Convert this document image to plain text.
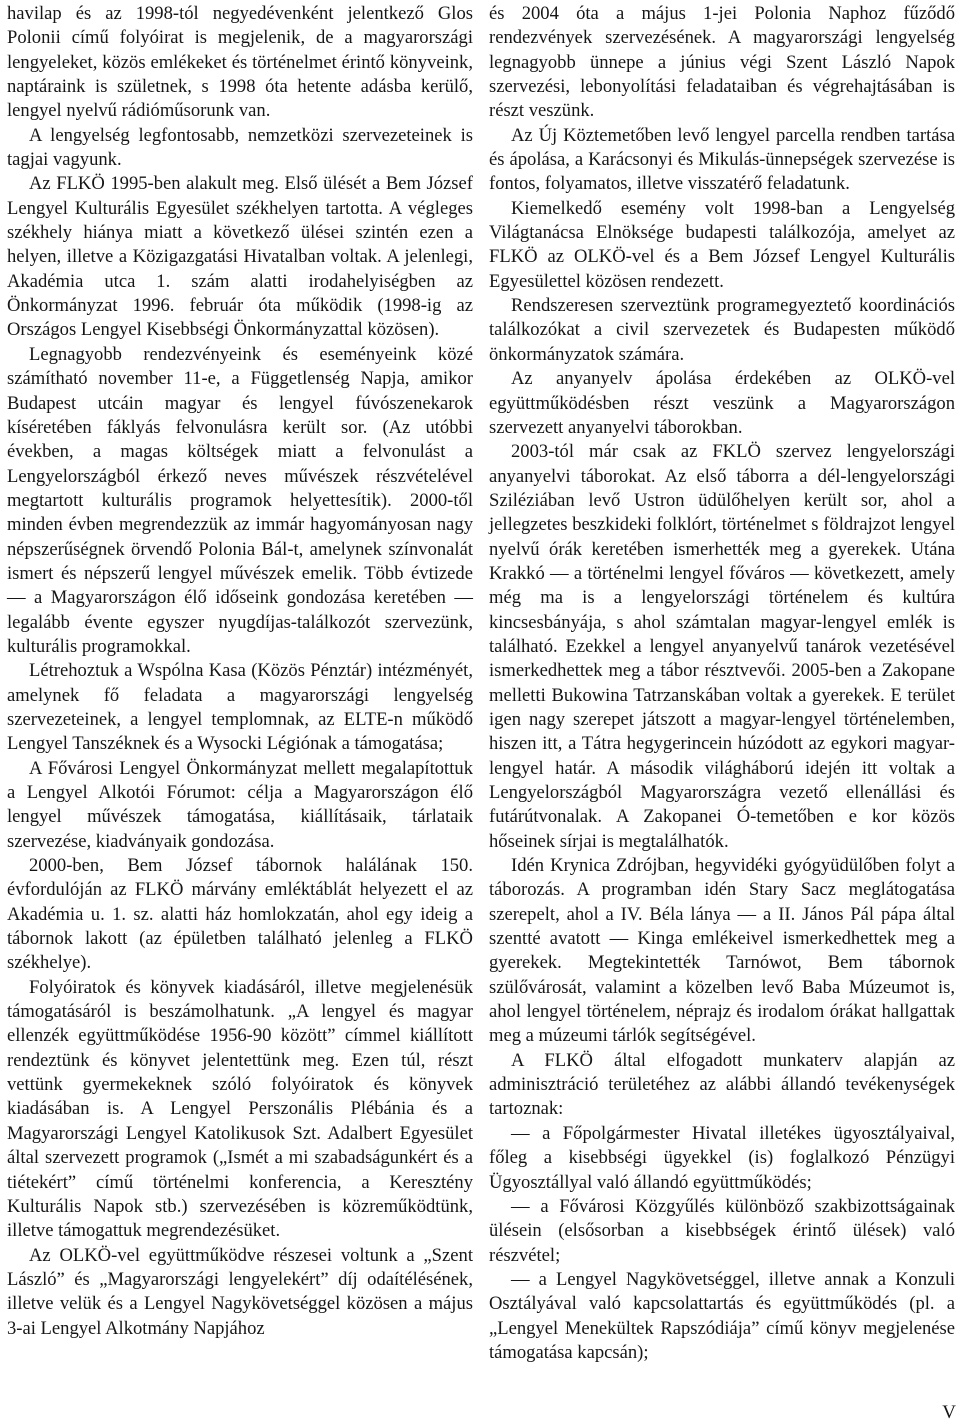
havilap és az 1998-tól negyedévenként jelentkező Glos Polonii című folyóirat is megjelenik, de a magyarországi lengyeleket, közös emlékeket és történelmet érintő könyveink, naptáraink is születnek, s 1998 óta hetente adásba kerülő, lengyel nyelvű rádióműsorunk van.

A lengyelség legfontosabb, nemzetközi szervezeteinek is tagjai vagyunk.

Az FLKÖ 1995-ben alakult meg. Első ülését a Bem József Lengyel Kulturális Egyesület székhelyen tartotta. A végleges székhely hiánya miatt a következő ülései szintén ezen a helyen, illetve a Közigazgatási Hivatalban voltak. A jelenlegi, Akadémia utca 1. szám alatti irodahelyiségben az Önkormányzat 1996. február óta működik (1998-ig az Országos Lengyel Kisebbségi Önkormányzattal közösen).

Legnagyobb rendezvényeink és eseményeink közé számítható november 11-e, a Függetlenség Napja, amikor Budapest utcáin magyar és lengyel fúvószenekarok kíséretében fáklyás felvonulásra került sor. (Az utóbbi években, a magas költségek miatt a felvonulást a Lengyelországból érkező neves művészek részvételével megtartott kulturális programok helyettesítik). 2000-től minden évben megrendezzük az immár hagyományosan nagy népszerűségnek örvendő Polonia Bál-t, amelynek színvonalát ismert és népszerű lengyel művészek emelik. Több évtizede — a Magyarországon élő időseink gondozása keretében — legalább évente egyszer nyugdíjas-találkozót szervezünk, kulturális programokkal.

Létrehoztuk a Wspólna Kasa (Közös Pénztár) intézményét, amelynek fő feladata a magyarországi lengyelség szervezeteinek, a lengyel templomnak, az ELTE-n működő Lengyel Tanszéknek és a Wysocki Légiónak a támogatása;

A Fővárosi Lengyel Önkormányzat mellett megalapítottuk a Lengyel Alkotói Fórumot: célja a Magyarországon élő lengyel művészek támogatása, kiállításaik, tárlataik szervezése, kiadványaik gondozása.

2000-ben, Bem József tábornok halálának 150. évfordulóján az FLKÖ márvány emléktáblát helyezett el az Akadémia u. 1. sz. alatti ház homlokzatán, ahol egy ideig a tábornok lakott (az épületben található jelenleg a FLKÖ székhelye).

Folyóiratok és könyvek kiadásáról, illetve megjelenésük támogatásáról is beszámolhatunk. „A lengyel és magyar ellenzék együttműködése 1956-90 között” címmel kiállított rendeztünk és könyvet jelentettünk meg. Ezen túl, részt vettünk gyermekeknek szóló folyóiratok és könyvek kiadásában is. A Lengyel Perszonális Plébánia és a Magyarországi Lengyel Katolikusok Szt. Adalbert Egyesület által szervezett programok („Ismét a mi szabadságunkért és a tiétekért” című történelmi konferencia, a Keresztény Kulturális Napok stb.) szervezésében is közreműködtünk, illetve támogattuk megrendezésüket.

Az OLKÖ-vel együttműködve részesei voltunk a „Szent László” és „Magyarországi lengyelekért” díj odaítélésének, illetve velük és a Lengyel Nagykövetséggel közösen a május 3-ai Lengyel Alkotmány Napjához

és 2004 óta a május 1-jei Polonia Naphoz fűződő rendezvények szervezésének. A magyarországi lengyelség legnagyobb ünnepe a június végi Szent László Napok szervezési, lebonyolítási feladataiban és végrehajtásában is részt veszünk.

Az Új Köztemetőben levő lengyel parcella rendben tartása és ápolása, a Karácsonyi és Mikulás-ünnepségek szervezése is fontos, folyamatos, illetve visszatérő feladatunk.

Kiemelkedő esemény volt 1998-ban a Lengyelség Világtanácsa Elnöksége budapesti találkozója, amelyet az FLKÖ az OLKÖ-vel és a Bem József Lengyel Kulturális Egyesülettel közösen rendezett.

Rendszeresen szerveztünk programegyeztető koordinációs találkozókat a civil szervezetek és Budapesten működő önkormányzatok számára.

Az anyanyelv ápolása érdekében az OLKÖ-vel együttműködésben részt veszünk a Magyarországon szervezett anyanyelvi táborokban.

2003-tól már csak az FKLÖ szervez lengyelországi anyanyelvi táborokat. Az első táborra a dél-lengyelországi Sziléziában levő Ustron üdülőhelyen került sor, ahol a jellegzetes beszkideki folklórt, történelmet s földrajzot lengyel nyelvű órák keretében ismerhették meg a gyerekek. Utána Krakkó — a történelmi lengyel főváros — következett, amely még ma is a lengyelországi történelem és kultúra kincsesbányája, s ahol számtalan magyar-lengyel emlék is található. Ezekkel a lengyel anyanyelvű tanárok vezetésével ismerkedhettek meg a tábor résztvevői. 2005-ben a Zakopane melletti Bukowina Tatrzanskában voltak a gyerekek. E terület igen nagy szerepet játszott a magyar-lengyel történelemben, hiszen itt, a Tátra hegygerincein húzódott az egykori magyar-lengyel határ. A második világháború idején itt voltak a Lengyelországból Magyarországra vezető ellenállási és futárútvonalak. A Zakopanei Ó-temetőben e kor közös hőseinek sírjai is megtalálhatók.

Idén Krynica Zdrójban, hegyvidéki gyógyüdülőben folyt a táborozás. A programban idén Stary Sacz meglátogatása szerepelt, ahol a IV. Béla lánya — a II. János Pál pápa által szentté avatott — Kinga emlékeivel ismerkedhettek meg a gyerekek. Megtekintették Tarnówot, Bem tábornok szülővárosát, valamint a közelben levő Baba Múzeumot is, ahol lengyel történelem, néprajz és irodalom órákat hallgattak meg a múzeumi tárlók segítségével.

A FLKÖ által elfogadott munkaterv alapján az adminisztráció területéhez az alábbi állandó tevékenységek tartoznak:

— a Főpolgármester Hivatal illetékes ügyosztályaival, főleg a kisebbségi ügyekkel (is) foglalkozó Pénzügyi Ügyosztállyal való állandó együttműködés;

— a Fővárosi Közgyűlés különböző szakbizottságainak ülésein (elsősorban a kisebbségek érintő ülések) való részvétel;

— a Lengyel Nagykövetséggel, illetve annak a Konzuli Osztályával való kapcsolattartás és együttműködés (pl. a „Lengyel Menekültek Rapszódiája” című könyv megjelenése támogatása kapcsán);

V
